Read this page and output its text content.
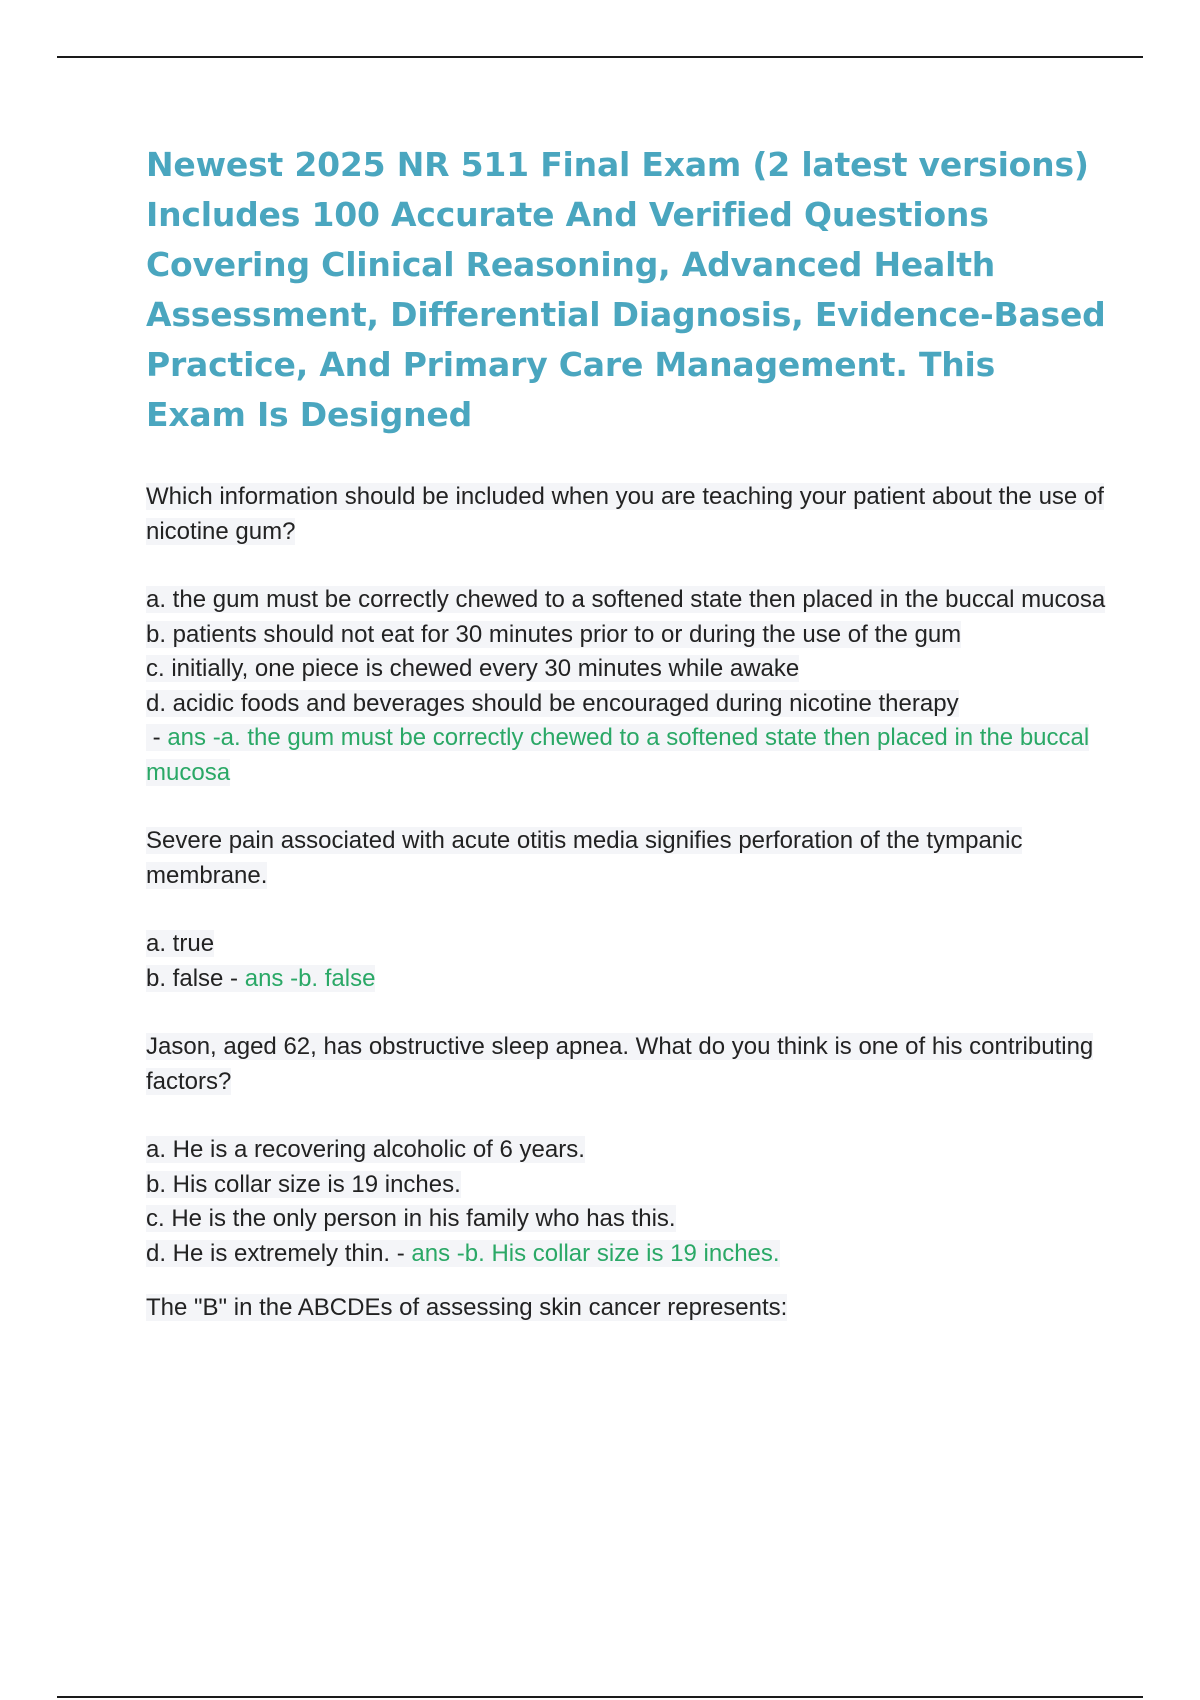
Newest 2025 NR 511 Final Exam (2 latest versions) Includes 100 Accurate And Verified Questions Covering Clinical Reasoning, Advanced Health Assessment, Differential Diagnosis, Evidence-Based Practice, And Primary Care Management. This Exam Is Designed

Which information should be included when you are teaching your patient about the use of nicotine gum?

a. the gum must be correctly chewed to a softened state then placed in the buccal mucosa

b. patients should not eat for 30 minutes prior to or during the use of the gum

c. initially, one piece is chewed every 30 minutes while awake

d. acidic foods and beverages should be encouraged during nicotine therapy

- ans -a. the gum must be correctly chewed to a softened state then placed in the buccal mucosa

Severe pain associated with acute otitis media signifies perforation of the tympanic membrane.

a. true

b. false - ans -b. false

Jason, aged 62, has obstructive sleep apnea. What do you think is one of his contributing factors?

a. He is a recovering alcoholic of 6 years.

b. His collar size is 19 inches.

c. He is the only person in his family who has this.

d. He is extremely thin. - ans -b. His collar size is 19 inches.

The "B" in the ABCDEs of assessing skin cancer represents:
